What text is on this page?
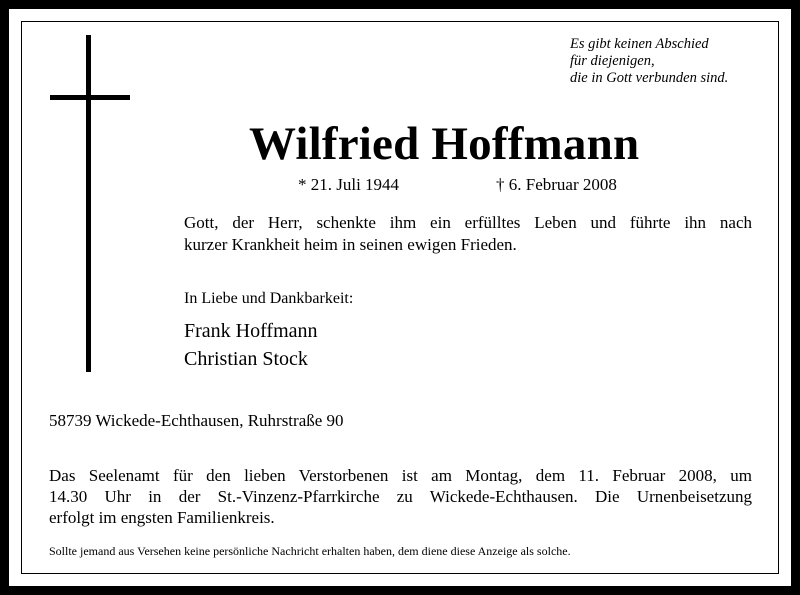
Es gibt keinen Abschied
für diejenigen,
die in Gott verbunden sind.
Wilfried Hoffmann
* 21. Juli 1944	† 6. Februar 2008
Gott, der Herr, schenkte ihm ein erfülltes Leben und führte ihn nach
kurzer Krankheit heim in seinen ewigen Frieden.
In Liebe und Dankbarkeit:
Frank Hoffmann
Christian Stock
58739 Wickede-Echthausen, Ruhrstraße 90
Das Seelenamt für den lieben Verstorbenen ist am Montag, dem 11. Februar 2008, um
14.30 Uhr in der St.-Vinzenz-Pfarrkirche zu Wickede-Echthausen. Die Urnenbeisetzung
erfolgt im engsten Familienkreis.
Sollte jemand aus Versehen keine persönliche Nachricht erhalten haben, dem diene diese Anzeige als solche.
